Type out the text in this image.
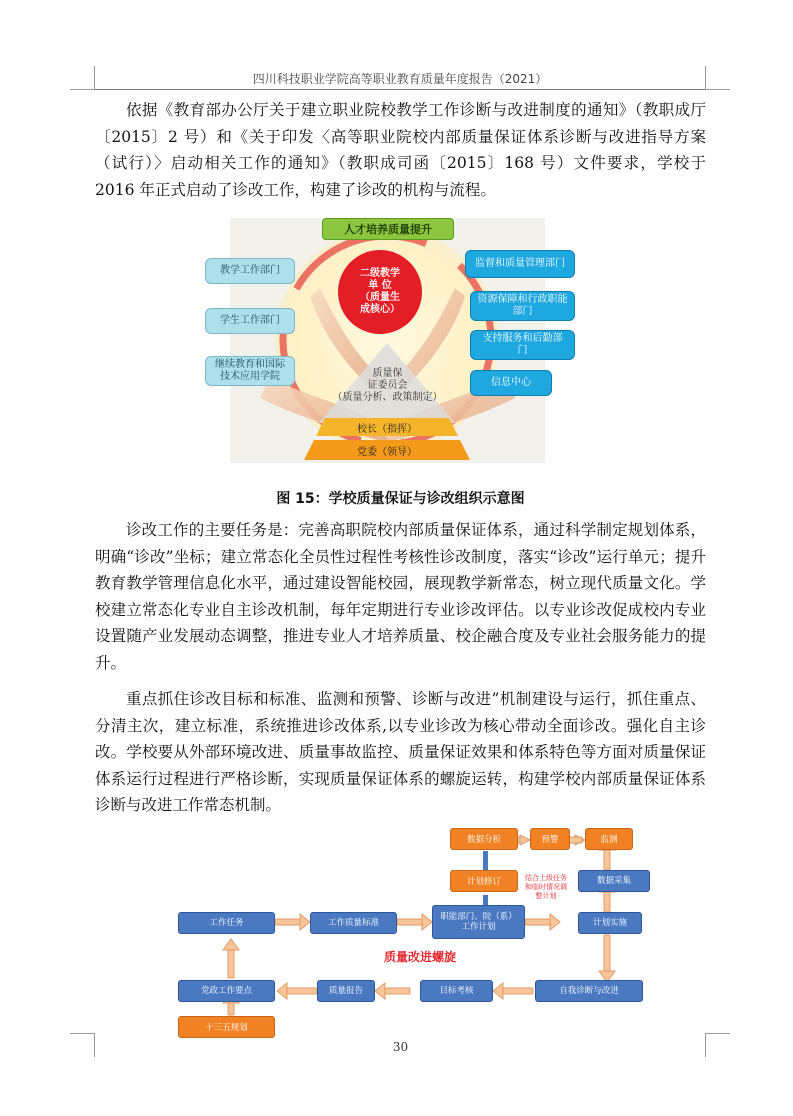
四川科技职业学院高等职业教育质量年度报告（2021）

依据《教育部办公厅关于建立职业院校教学工作诊断与改进制度的通知》（教职成厅〔2015〕2 号）和《关于印发〈高等职业院校内部质量保证体系诊断与改进指导方案（试行）〉启动相关工作的通知》（教职成司函〔2015〕168 号）文件要求，学校于 2016 年正式启动了诊改工作，构建了诊改的机构与流程。

人才培养质量提升
教学工作部门
学生工作部门
继续教育和国际技术应用学院
监督和质量管理部门
资源保障和行政职能部门
支持服务和后勤部门
信息中心
二级教学
单 位
（质量生
成核心）
质量保
证委员会
（质量分析、政策制定）
校长（指挥）
党委（领导）
图 15：学校质量保证与诊改组织示意图

诊改工作的主要任务是：完善高职院校内部质量保证体系，通过科学制定规划体系，明确“诊改”坐标；建立常态化全员性过程性考核性诊改制度，落实“诊改”运行单元；提升教育教学管理信息化水平，通过建设智能校园，展现教学新常态，树立现代质量文化。学校建立常态化专业自主诊改机制，每年定期进行专业诊改评估。以专业诊改促成校内专业设置随产业发展动态调整，推进专业人才培养质量、校企融合度及专业社会服务能力的提升。

重点抓住诊改目标和标准、监测和预警、诊断与改进”机制建设与运行，抓住重点、分清主次，建立标准，系统推进诊改体系,以专业诊改为核心带动全面诊改。强化自主诊改。学校要从外部环境改进、质量事故监控、质量保证效果和体系特色等方面对质量保证体系运行过程进行严格诊断，实现质量保证体系的螺旋运转，构建学校内部质量保证体系诊断与改进工作常态机制。

数据分析	预警	监测
计划修订	结合上级任务和临时情况调整计划
数据采集
工作任务	工作质量标准
职能部门、院（系）工作计划	计划实施
质量改进螺旋
党政工作要点	质量报告	目标考核	自我诊断与改进
十三五规划
30
